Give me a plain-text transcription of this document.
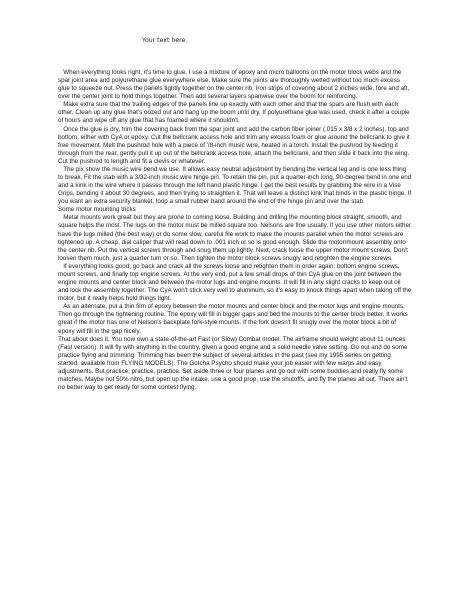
Your text here.

When everything looks right, it's time to glue. I use a mixture of epoxy and micro balloons on the motor block webs and the spar joint area and polyurethane glue everywhere else. Make sure the joints are thoroughly wetted without too much excess glue to squeeze out. Press the panels tightly together on the center rib. Iron strips of covering about 2 inches wide, fore and aft, over the center joint to hold things together. Then add several layers spanwise over the boom for reinforcing.

Make extra sure that the trailing edges of the panels line up exactly with each other and that the spars are flush with each other. Clean up any glue that's oozed out and hang up the boom until dry. If polyurethane glue was used, check it after a couple of hours and wipe off any glue that has foamed where it shouldn't.

Once the glue is dry, trim the covering back from the spar joint and add the carbon fiber joiner (.015 x 3/8 x 2 inches), top and bottom, either with CyA or epoxy. Cut the bellcrank access hole and trim any excess foam or glue around the bellcrank to give it free movement. Melt the pushrod hole with a piece of '/8-inch music wire, heated in a torch. Install the pushrod by feeding it through from the rear, gently pull it up out of the bellcrank access hole, attach the bellcrank, and then slide it back into the wing. Cut the pushrod to length and fit a clevis or whatever.

The pix show the music wire bend we use. It allows easy neutral adjustment by bending the vertical leg and is one less thing to break. Fit the stab with a 3/32-inch music wire hinge pin. To retain the pin, put a quarter-inch long, 90-degree bend in one end and a kink in the wire where it passes through the left hand plastic hinge. I get the best results by grabbing the wire in a Vise Grips, bending it about 30 degrees, and then trying to straighten it. That will leave a distinct kink that binds in the plastic hinge. If you want an extra security blanket, loop a small rubber band around the end of the hinge pin and over the stab.

Some motor mounting tricks

Metal mounts work great but they are prone to coming loose. Building and drilling the mounting block straight, smooth, and square helps the most. The lugs on the motor must be milled square too. Nelsons are fine usually. If you use other motors either have the lugs milled (the best way) or do some slow, careful file work to make the mounts parallel when the motor screws are tightened up. A cheap, dial caliper that will read down to .001 inch or so is good enough. Slide the motor/mount assembly onto the center rib. Put the vertical screws through and snug them up lightly. Next, crack loose the upper motor mount screws. Don't loosen them much, just a quarter turn or so. Then tighten the motor block screws snugly and retighten the engine screws.

If everything looks good, go back and crack all the screws loose and retighten them in order again: bottom engine screws, mount screws, and finally top engine screws. At the very end, put a few small drops of thin CyA glue on the joint between the engine mounts and center block and between the motor lugs and engine mounts. It will fill in any slight cracks to keep out oil and lock the assembly together. The CyA won't stick very well to aluminum, so it's easy to knock things apart when taking off the motor, but it really helps hold things tight.

As an alternate, put a thin film of epoxy between the motor mounts and center block and the motor lugs and engine mounts. Then go through the tightening routine. The epoxy will fill in bigger gaps and bed the mounts to the center block better. It works great if the motor has one of Nelson's backplate fork-style mounts. If the fork doesn't fit snugly over the motor block a bit of epoxy will fill in the gap nicely.

That about does it. You now own a state-of-the-art Fast (or Slow) Combat model. The airframe should weight about 11 ounces (Fast version). It will fly with anything in the country, given a good engine and a solid needle valve setting. Go out and do some practice flying and trimming. Trimming has been the subject of several articles in the past (see my 1995 series on getting started, available from FLYING MODELS). The Gotcha Psycho should make your job easier with few warps and easy adjustments. But practice, practice, practice. Set aside three or four planes and go out with some buddies and really fly some matches. Maybe not 50% nitro, but open up the intake, use a good prop, use the shutoffs, and fly the planes all out. There ain't no better way to get ready for some contest flying.
